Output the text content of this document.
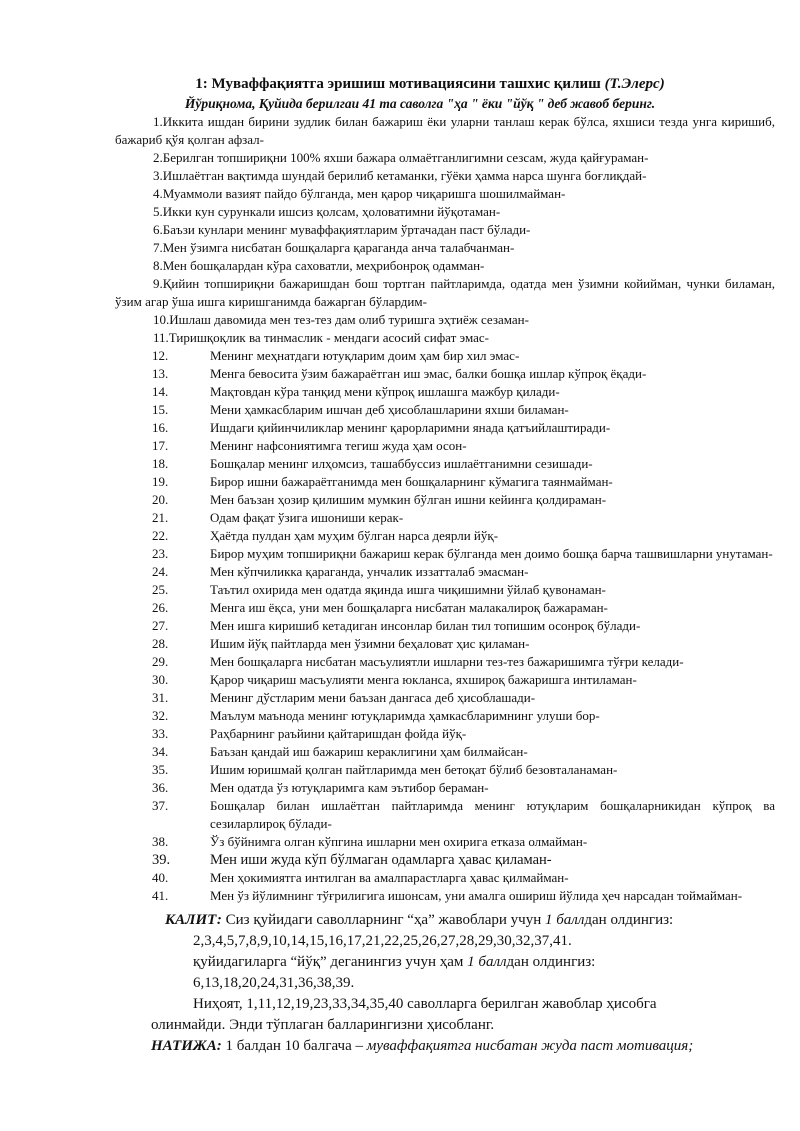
1: Муваффақиятга эришиш мотивациясини ташхис қилиш (Т.Элерс)
Йўриқнома, Қуйида берилгаи 41 та саволга "ҳа " ёки "йўқ " деб жавоб беринг.
1.Иккита ишдан бирини зудлик билан бажариш ёки уларни танлаш керак бўлса, яхшиси тезда унга киришиб, бажариб қўя қолган афзал-
2.Берилган топшириқни 100% яхши бажара олмаётганлигимни сезсам, жуда қайғураман-
3.Ишлаётган вақтимда шундай берилиб кетаманки, гўёки ҳамма нарса шунга боғлиқдай-
4.Муаммоли вазият пайдо бўлганда, мен қарор чиқаришга шошилмайман-
5.Икки кун сурункали ишсиз қолсам, ҳоловатимни йўқотаман-
6.Баъзи кунлари менинг муваффақиятларим ўртачадан паст бўлади-
7.Мен ўзимга нисбатан бошқаларга қараганда анча талабчанман-
8.Мен бошқалардан кўра саховатли, меҳрибонроқ одамман-
9.Қийин топшириқни бажаришдан бош тортган пайтларимда, одатда мен ўзимни койийман, чунки биламан, ўзим агар ўша ишга киришганимда бажарган бўлардим-
10.Ишлаш давомида мен тез-тез дам олиб туришга эҳтиёж сезаман-
11.Тиришқоқлик ва тинмаслик - мендаги асосий сифат эмас-
12.	Менинг меҳнатдаги ютуқларим доим ҳам бир хил эмас-
13.	Менга бевосита ўзим бажараётган иш эмас, балки бошқа ишлар кўпроқ ёқади-
14.	Мақтовдан кўра танқид мени кўпроқ ишлашга мажбур қилади-
15.	Мени ҳамкасбларим ишчан деб ҳисоблашларини яхши биламан-
16.	Ишдаги қийинчиликлар менинг қарорларимни янада қатъийлаштиради-
17.	Менинг нафсониятимга тегиш жуда ҳам осон-
18.	Бошқалар менинг илҳомсиз, ташаббуссиз ишлаётганимни сезишади-
19.	Бирор ишни бажараётганимда мен бошқаларнинг кўмагига таянмайман-
20.	Мен баъзан ҳозир қилишим мумкин бўлган ишни кейинга қолдираман-
21.	Одам фақат ўзига ишониши керак-
22.	Ҳаётда пулдан ҳам муҳим бўлган нарса деярли йўқ-
23.	Бирор муҳим топшириқни бажариш керак бўлганда мен доимо бошқа барча ташвишларни унутаман-
24.	Мен кўпчиликка қараганда, унчалик иззатталаб эмасман-
25.	Таътил охирида мен одатда яқинда ишга чиқишимни ўйлаб қувонаман-
26.	Менга иш ёқса, уни мен бошқаларга нисбатан малакалироқ бажараман-
27.	Мен ишга киришиб кетадиган инсонлар билан тил топишим осонроқ бўлади-
28.	Ишим йўқ пайтларда мен ўзимни беҳаловат ҳис қиламан-
29.	Мен бошқаларга нисбатан масъулиятли ишларни тез-тез бажаришимга тўғри келади-
30.	Қарор чиқариш масъулияти менга юкланса, яхшироқ бажаришга интиламан-
31.	Менинг дўстларим мени баъзан дангаса деб ҳисоблашади-
32.	Маълум маънода менинг ютуқларимда ҳамкасбларимнинг улуши бор-
33.	Раҳбарнинг раъйини қайтаришдан фойда йўқ-
34.	Баъзан қандай иш бажариш кераклигини ҳам билмайсан-
35.	Ишим юришмай қолган пайтларимда мен бетоқат бўлиб безовталанаман-
36.	Мен одатда ўз ютуқларимга кам эътибор бераман-
37.	Бошқалар билан ишлаётган пайтларимда менинг ютуқларим бошқаларникидан кўпроқ ва сезиларлироқ бўлади-
38.	Ўз бўйнимга олган кўпгина ишларни мен охирига етказа олмайман-
39.	Мен иши жуда кўп бўлмаган одамларга ҳавас қиламан-
40.	Мен ҳокимиятга интилган ва амалпарастларга ҳавас қилмайман-
41.	Мен ўз йўлимнинг тўғрилигига ишонсам, уни амалга ошириш йўлида ҳеч нарсадан тоймайман-

КАЛИТ: Сиз қуйидаги саволларнинг “ҳа” жавоблари учун 1 баллдан олдингиз:

2,3,4,5,7,8,9,10,14,15,16,17,21,22,25,26,27,28,29,30,32,37,41.

қуйидагиларга “йўқ” деганингиз учун ҳам 1 баллдан олдингиз:

6,13,18,20,24,31,36,38,39.

Ниҳоят, 1,11,12,19,23,33,34,35,40 саволларга берилган жавоблар ҳисобга

олинмайди. Энди тўплаган балларингизни ҳисобланг.

НАТИЖА: 1 балдан 10 балгача – муваффақиятга нисбатан жуда паст мотивация;
